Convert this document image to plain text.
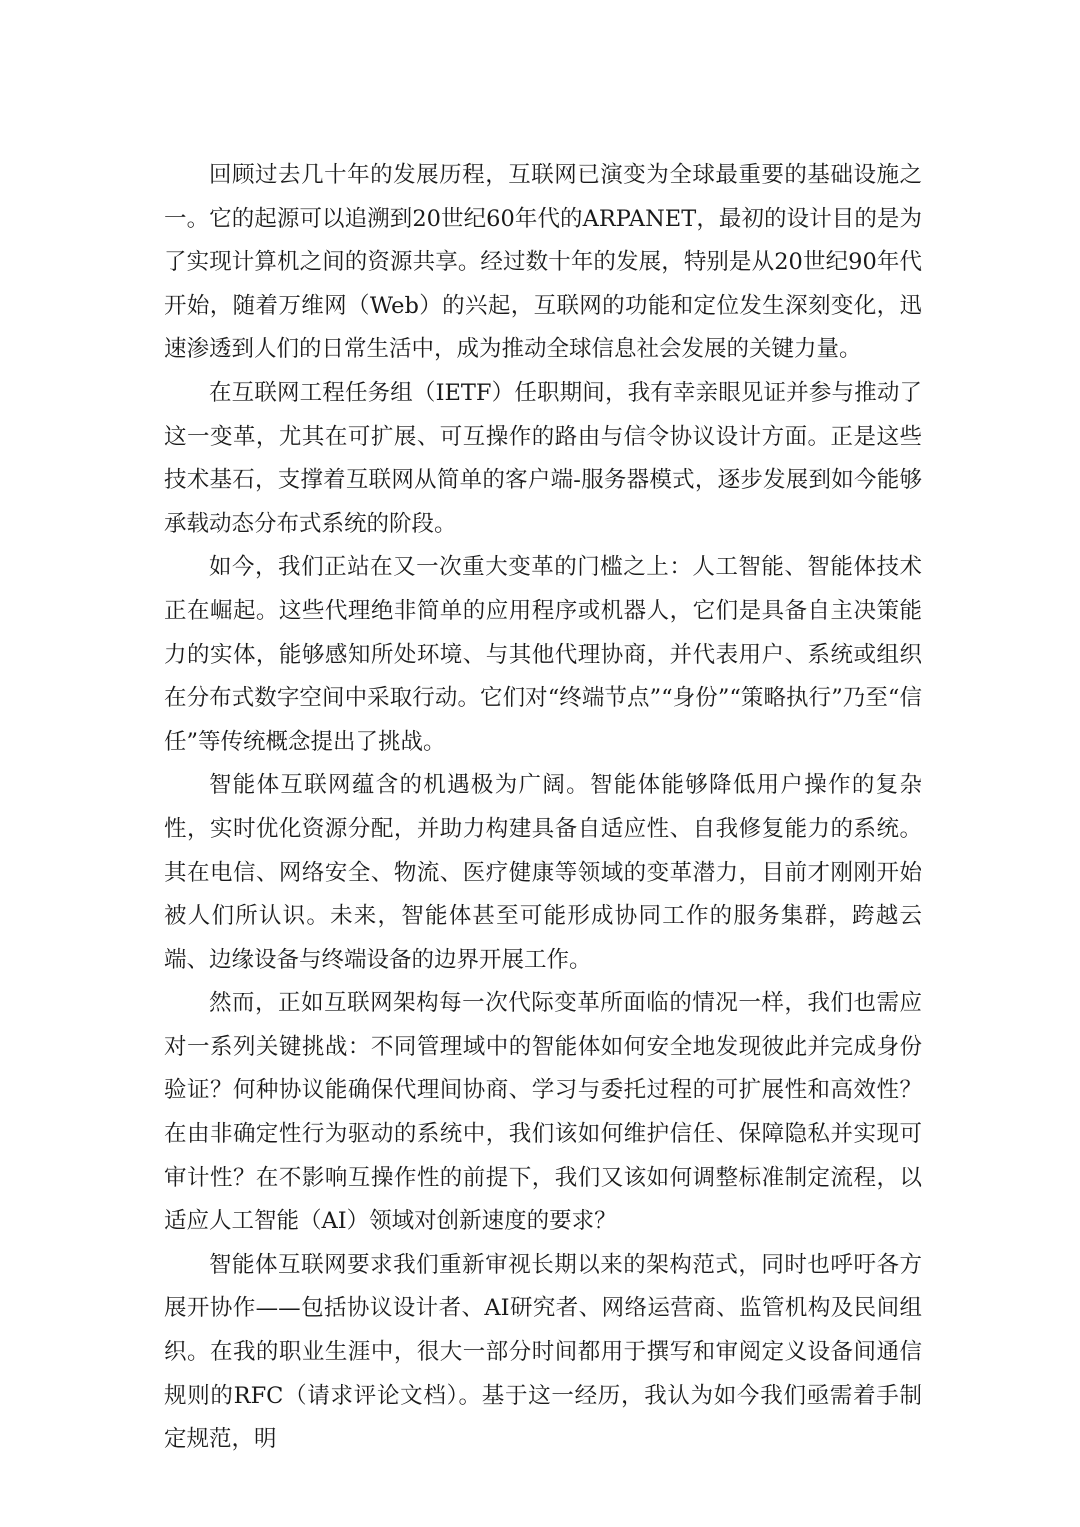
回顾过去几十年的发展历程，互联网已演变为全球最重要的基础设施之一。它的起源可以追溯到20世纪60年代的ARPANET，最初的设计目的是为了实现计算机之间的资源共享。经过数十年的发展，特别是从20世纪90年代开始，随着万维网（Web）的兴起，互联网的功能和定位发生深刻变化，迅速渗透到人们的日常生活中，成为推动全球信息社会发展的关键力量。

在互联网工程任务组（IETF）任职期间，我有幸亲眼见证并参与推动了这一变革，尤其在可扩展、可互操作的路由与信令协议设计方面。正是这些技术基石，支撑着互联网从简单的客户端-服务器模式，逐步发展到如今能够承载动态分布式系统的阶段。

如今，我们正站在又一次重大变革的门槛之上：人工智能、智能体技术正在崛起。这些代理绝非简单的应用程序或机器人，它们是具备自主决策能力的实体，能够感知所处环境、与其他代理协商，并代表用户、系统或组织在分布式数字空间中采取行动。它们对“终端节点”“身份”“策略执行”乃至“信任”等传统概念提出了挑战。

智能体互联网蕴含的机遇极为广阔。智能体能够降低用户操作的复杂性，实时优化资源分配，并助力构建具备自适应性、自我修复能力的系统。其在电信、网络安全、物流、医疗健康等领域的变革潜力，目前才刚刚开始被人们所认识。未来，智能体甚至可能形成协同工作的服务集群，跨越云端、边缘设备与终端设备的边界开展工作。

然而，正如互联网架构每一次代际变革所面临的情况一样，我们也需应对一系列关键挑战：不同管理域中的智能体如何安全地发现彼此并完成身份验证？何种协议能确保代理间协商、学习与委托过程的可扩展性和高效性？在由非确定性行为驱动的系统中，我们该如何维护信任、保障隐私并实现可审计性？在不影响互操作性的前提下，我们又该如何调整标准制定流程，以适应人工智能（AI）领域对创新速度的要求？

智能体互联网要求我们重新审视长期以来的架构范式，同时也呼吁各方展开协作——包括协议设计者、AI研究者、网络运营商、监管机构及民间组织。在我的职业生涯中，很大一部分时间都用于撰写和审阅定义设备间通信规则的RFC（请求评论文档）。基于这一经历，我认为如今我们亟需着手制定规范，明
